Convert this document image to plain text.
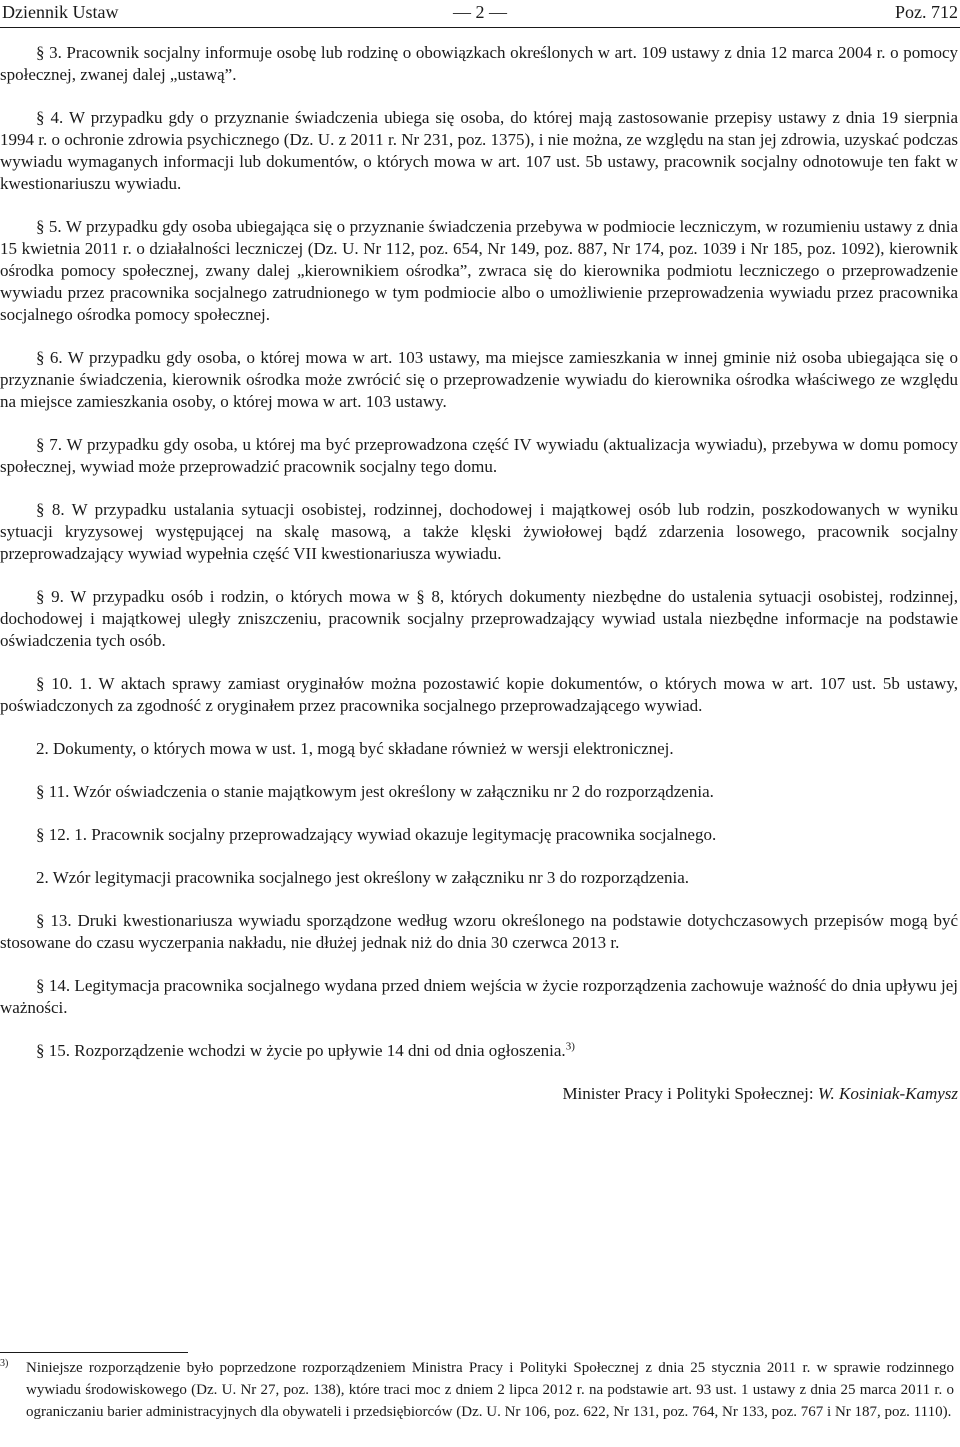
Dziennik Ustaw	— 2 —	Poz. 712

§ 3. Pracownik socjalny informuje osobę lub rodzinę o obowiązkach określonych w art. 109 ustawy z dnia 12 marca 2004 r. o pomocy społecznej, zwanej dalej „ustawą”.

§ 4. W przypadku gdy o przyznanie świadczenia ubiega się osoba, do której mają zastosowanie przepisy ustawy z dnia 19 sierpnia 1994 r. o ochronie zdrowia psychicznego (Dz. U. z 2011 r. Nr 231, poz. 1375), i nie można, ze względu na stan jej zdrowia, uzyskać podczas wywiadu wymaganych informacji lub dokumentów, o których mowa w art. 107 ust. 5b ustawy, pracownik socjalny odnotowuje ten fakt w kwestionariuszu wywiadu.

§ 5. W przypadku gdy osoba ubiegająca się o przyznanie świadczenia przebywa w podmiocie leczniczym, w rozumieniu ustawy z dnia 15 kwietnia 2011 r. o działalności leczniczej (Dz. U. Nr 112, poz. 654, Nr 149, poz. 887, Nr 174, poz. 1039 i Nr 185, poz. 1092), kierownik ośrodka pomocy społecznej, zwany dalej „kierownikiem ośrodka”, zwraca się do kierownika podmiotu leczniczego o przeprowadzenie wywiadu przez pracownika socjalnego zatrudnionego w tym podmiocie albo o umożliwienie przeprowadzenia wywiadu przez pracownika socjalnego ośrodka pomocy społecznej.

§ 6. W przypadku gdy osoba, o której mowa w art. 103 ustawy, ma miejsce zamieszkania w innej gminie niż osoba ubiegająca się o przyznanie świadczenia, kierownik ośrodka może zwrócić się o przeprowadzenie wywiadu do kierownika ośrodka właściwego ze względu na miejsce zamieszkania osoby, o której mowa w art. 103 ustawy.

§ 7. W przypadku gdy osoba, u której ma być przeprowadzona część IV wywiadu (aktualizacja wywiadu), przebywa w domu pomocy społecznej, wywiad może przeprowadzić pracownik socjalny tego domu.

§ 8. W przypadku ustalania sytuacji osobistej, rodzinnej, dochodowej i majątkowej osób lub rodzin, poszkodowanych w wyniku sytuacji kryzysowej występującej na skalę masową, a także klęski żywiołowej bądź zdarzenia losowego, pracownik socjalny przeprowadzający wywiad wypełnia część VII kwestionariusza wywiadu.

§ 9. W przypadku osób i rodzin, o których mowa w § 8, których dokumenty niezbędne do ustalenia sytuacji osobistej, rodzinnej, dochodowej i majątkowej uległy zniszczeniu, pracownik socjalny przeprowadzający wywiad ustala niezbędne informacje na podstawie oświadczenia tych osób.

§ 10. 1. W aktach sprawy zamiast oryginałów można pozostawić kopie dokumentów, o których mowa w art. 107 ust. 5b ustawy, poświadczonych za zgodność z oryginałem przez pracownika socjalnego przeprowadzającego wywiad.

2. Dokumenty, o których mowa w ust. 1, mogą być składane również w wersji elektronicznej.

§ 11. Wzór oświadczenia o stanie majątkowym jest określony w załączniku nr 2 do rozporządzenia.

§ 12. 1. Pracownik socjalny przeprowadzający wywiad okazuje legitymację pracownika socjalnego.

2. Wzór legitymacji pracownika socjalnego jest określony w załączniku nr 3 do rozporządzenia.

§ 13. Druki kwestionariusza wywiadu sporządzone według wzoru określonego na podstawie dotychczasowych przepisów mogą być stosowane do czasu wyczerpania nakładu, nie dłużej jednak niż do dnia 30 czerwca 2013 r.

§ 14. Legitymacja pracownika socjalnego wydana przed dniem wejścia w życie rozporządzenia zachowuje ważność do dnia upływu jej ważności.

§ 15. Rozporządzenie wchodzi w życie po upływie 14 dni od dnia ogłoszenia.$^{3)}$

Minister Pracy i Polityki Społecznej: W. Kosiniak-Kamysz

$^{3)}$ Niniejsze rozporządzenie było poprzedzone rozporządzeniem Ministra Pracy i Polityki Społecznej z dnia 25 stycznia 2011 r. w sprawie rodzinnego wywiadu środowiskowego (Dz. U. Nr 27, poz. 138), które traci moc z dniem 2 lipca 2012 r. na podstawie art. 93 ust. 1 ustawy z dnia 25 marca 2011 r. o ograniczaniu barier administracyjnych dla obywateli i przedsiębiorców (Dz. U. Nr 106, poz. 622, Nr 131, poz. 764, Nr 133, poz. 767 i Nr 187, poz. 1110).
